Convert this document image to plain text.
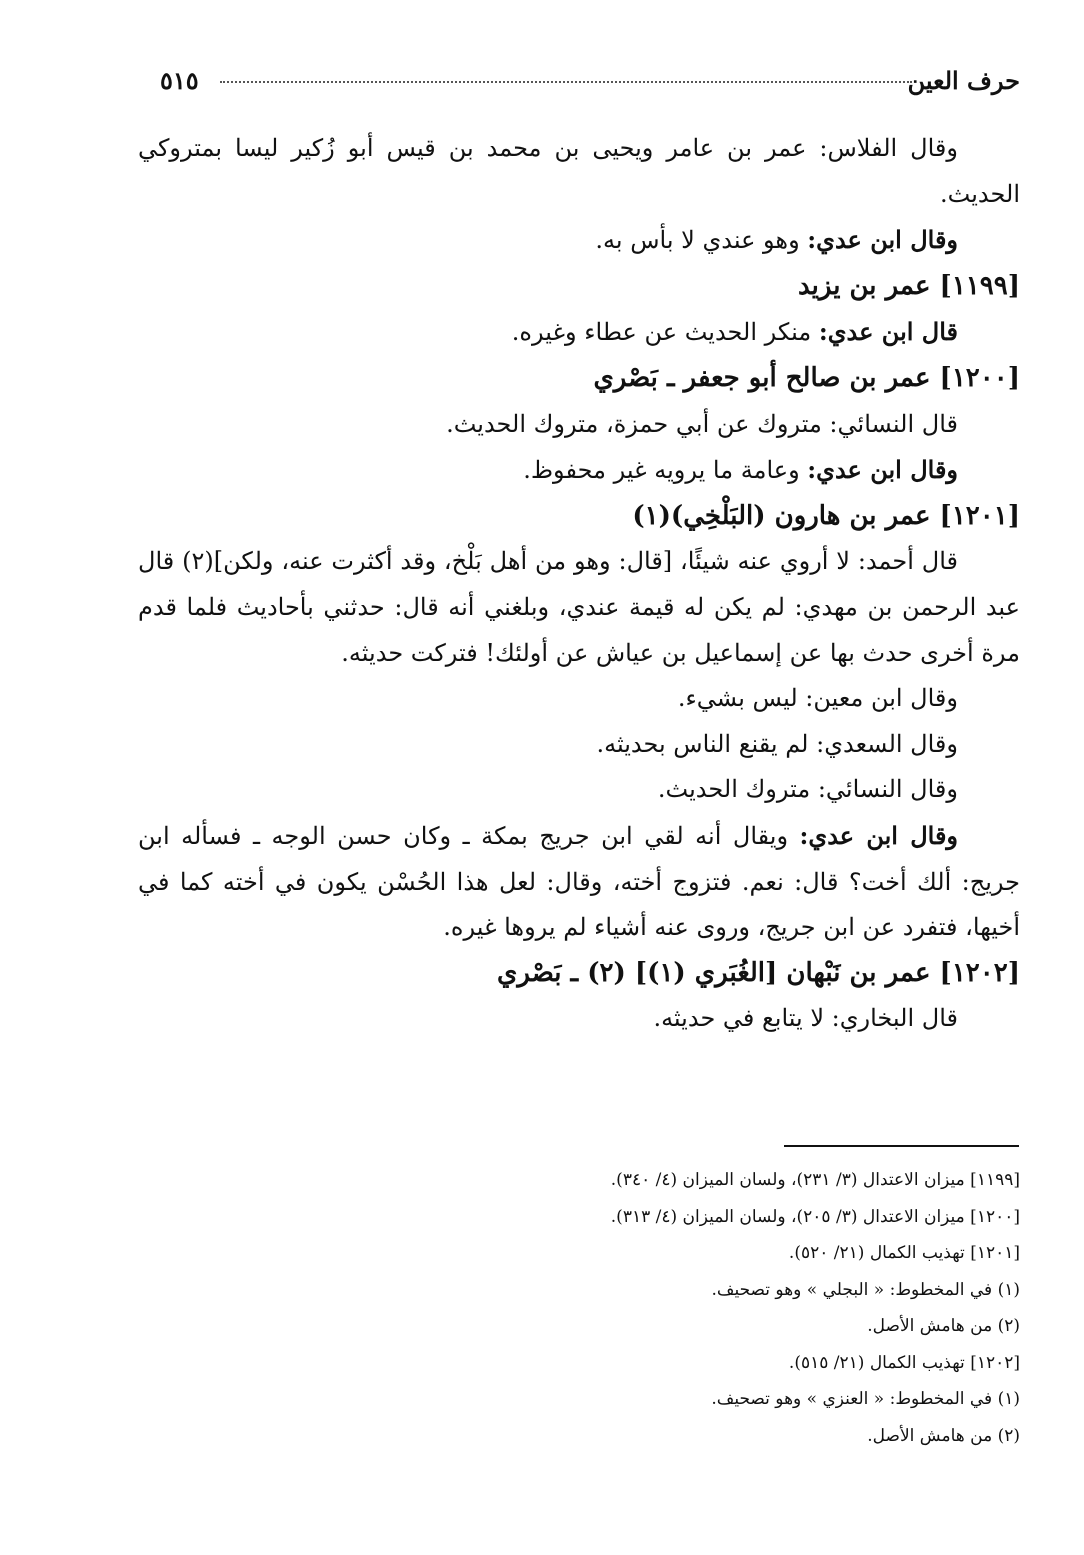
حرف العين
٥١٥

وقال الفلاس: عمر بن عامر ويحيى بن محمد بن قيس أبو زُكير ليسا بمتروكي الحديث.

وقال ابن عدي: وهو عندي لا بأس به.

[١١٩٩] عمر بن يزيد

قال ابن عدي: منكر الحديث عن عطاء وغيره.

[١٢٠٠] عمر بن صالح أبو جعفر ـ بَصْري

قال النسائي: متروك عن أبي حمزة، متروك الحديث.

وقال ابن عدي: وعامة ما يرويه غير محفوظ.

[١٢٠١] عمر بن هارون (البَلْخِي)(١)

قال أحمد: لا أروي عنه شيئًا، [قال: وهو من أهل بَلْخ، وقد أكثرت عنه، ولكن](٢) قال عبد الرحمن بن مهدي: لم يكن له قيمة عندي، وبلغني أنه قال: حدثني بأحاديث فلما قدم مرة أخرى حدث بها عن إسماعيل بن عياش عن أولئك! فتركت حديثه.

وقال ابن معين: ليس بشيء.

وقال السعدي: لم يقنع الناس بحديثه.

وقال النسائي: متروك الحديث.

وقال ابن عدي: ويقال أنه لقي ابن جريج بمكة ـ وكان حسن الوجه ـ فسأله ابن جريج: ألك أخت؟ قال: نعم. فتزوج أخته، وقال: لعل هذا الحُسْن يكون في أخته كما في أخيها، فتفرد عن ابن جريج، وروى عنه أشياء لم يروها غيره.

[١٢٠٢] عمر بن نَبْهان [الغُبَري (١)] (٢) ـ بَصْري

قال البخاري: لا يتابع في حديثه.

[١١٩٩] ميزان الاعتدال (٣/ ٢٣١)، ولسان الميزان (٤/ ٣٤٠).
[١٢٠٠] ميزان الاعتدال (٣/ ٢٠٥)، ولسان الميزان (٤/ ٣١٣).
[١٢٠١] تهذيب الكمال (٢١/ ٥٢٠).
(١) في المخطوط: « البجلي » وهو تصحيف.
(٢) من هامش الأصل.
[١٢٠٢] تهذيب الكمال (٢١/ ٥١٥).
(١) في المخطوط: « العنزي » وهو تصحيف.
(٢) من هامش الأصل.
